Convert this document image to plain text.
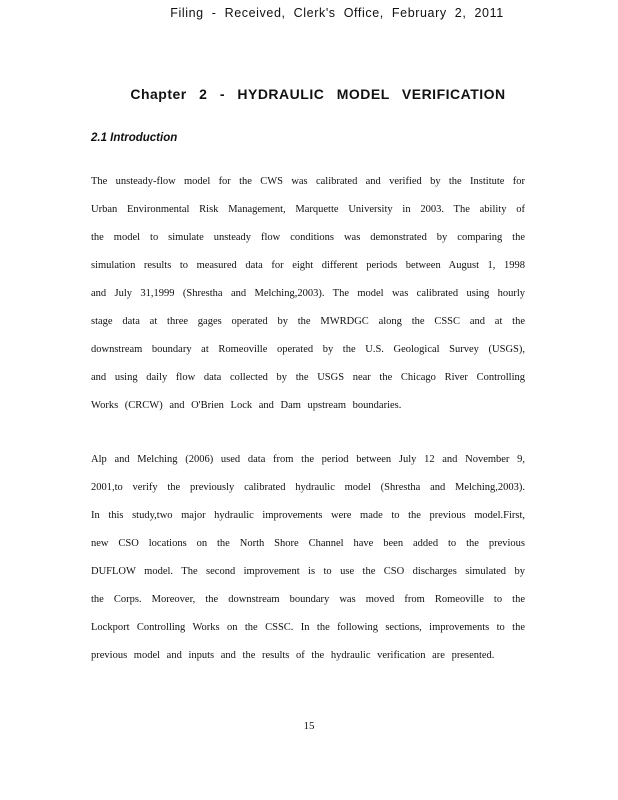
Filing - Received, Clerk's Office, February 2, 2011
Chapter 2 - HYDRAULIC MODEL VERIFICATION
2.1 Introduction
The unsteady-flow model for the CWS was calibrated and verified by the Institute for
Urban Environmental Risk Management, Marquette University in 2003. The ability of
the model to simulate unsteady flow conditions was demonstrated by comparing the
simulation results to measured data for eight different periods between August 1, 1998
and July 31,1999 (Shrestha and Melching,2003). The model was calibrated using hourly
stage data at three gages operated by the MWRDGC along the CSSC and at the
downstream boundary at Romeoville operated by the U.S. Geological Survey (USGS),
and using daily flow data collected by the USGS near the Chicago River Controlling
Works (CRCW) and O'Brien Lock and Dam upstream boundaries.
Alp and Melching (2006) used data from the period between July 12 and November 9,
2001,to verify the previously calibrated hydraulic model (Shrestha and Melching,2003).
In this study,two major hydraulic improvements were made to the previous model.First,
new CSO locations on the North Shore Channel have been added to the previous
DUFLOW model. The second improvement is to use the CSO discharges simulated by
the Corps. Moreover, the downstream boundary was moved from Romeoville to the
Lockport Controlling Works on the CSSC. In the following sections, improvements to the
previous model and inputs and the results of the hydraulic verification are presented.
15
